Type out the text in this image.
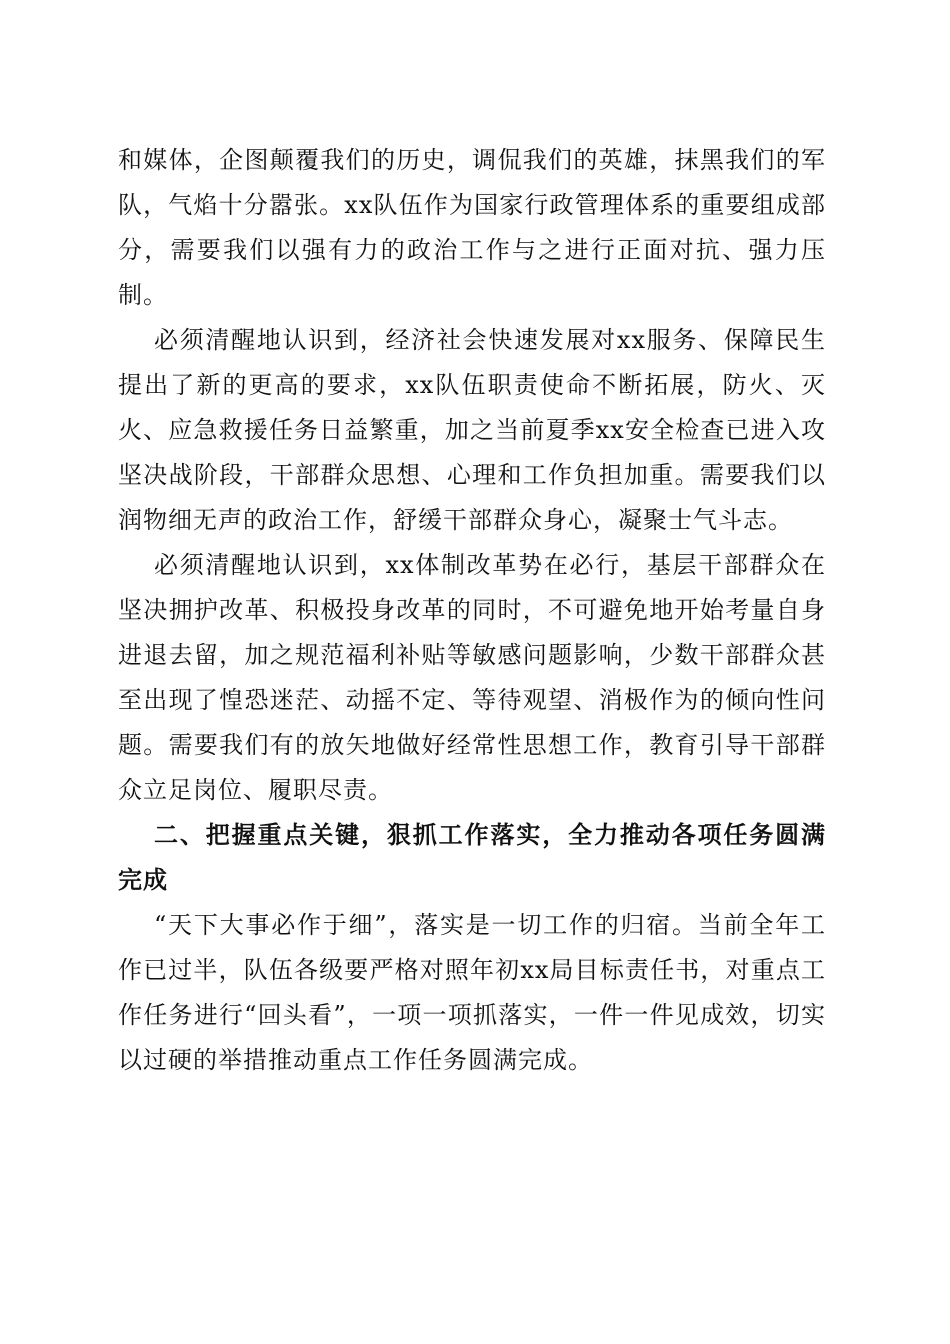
和媒体，企图颠覆我们的历史，调侃我们的英雄，抹黑我们的军队，气焰十分嚣张。xx队伍作为国家行政管理体系的重要组成部分，需要我们以强有力的政治工作与之进行正面对抗、强力压制。

必须清醒地认识到，经济社会快速发展对xx服务、保障民生提出了新的更高的要求，xx队伍职责使命不断拓展，防火、灭火、应急救援任务日益繁重，加之当前夏季xx安全检查已进入攻坚决战阶段，干部群众思想、心理和工作负担加重。需要我们以润物细无声的政治工作，舒缓干部群众身心，凝聚士气斗志。

必须清醒地认识到，xx体制改革势在必行，基层干部群众在坚决拥护改革、积极投身改革的同时，不可避免地开始考量自身进退去留，加之规范福利补贴等敏感问题影响，少数干部群众甚至出现了惶恐迷茫、动摇不定、等待观望、消极作为的倾向性问题。需要我们有的放矢地做好经常性思想工作，教育引导干部群众立足岗位、履职尽责。

二、把握重点关键，狠抓工作落实，全力推动各项任务圆满完成

“天下大事必作于细”，落实是一切工作的归宿。当前全年工作已过半，队伍各级要严格对照年初xx局目标责任书，对重点工作任务进行“回头看”，一项一项抓落实，一件一件见成效，切实以过硬的举措推动重点工作任务圆满完成。
